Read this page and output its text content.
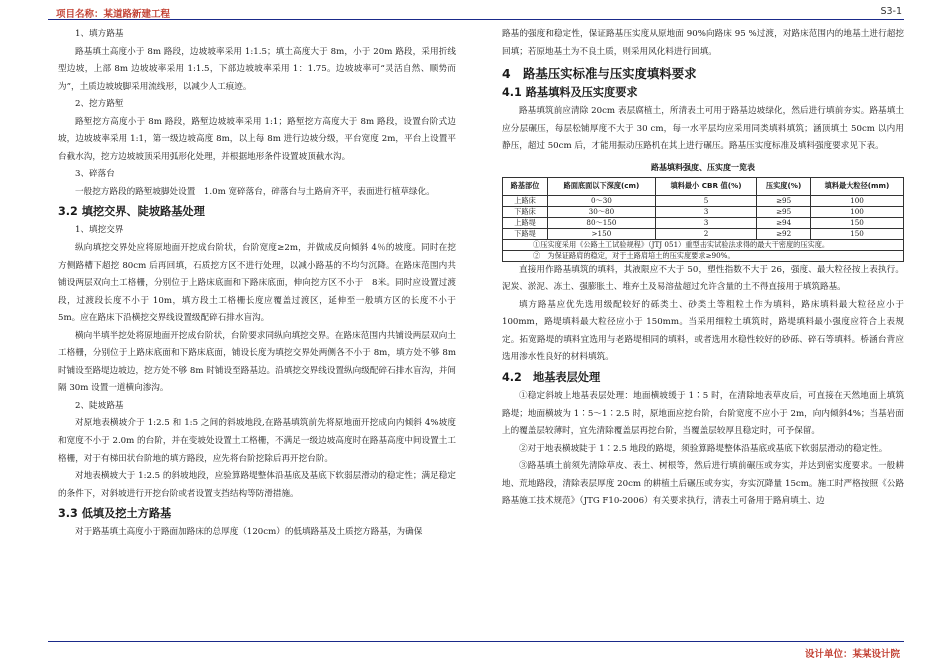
项目名称：某道路新建工程	S3-1

1、填方路基

路基填土高度小于 8m 路段，边坡坡率采用 1:1.5；填土高度大于 8m，小于 20m 路段，采用折线型边坡，上部 8m 边坡坡率采用 1:1.5，下部边坡坡率采用 1：1.75。边坡坡率可“灵活自然、顺势而为”，土质边坡坡脚采用流线形，以减少人工痕迹。

2、挖方路堑

路堑挖方高度小于 8m 路段，路堑边坡坡率采用 1:1；路堑挖方高度大于 8m 路段，设置台阶式边坡，边坡坡率采用 1:1，第一级边坡高度 8m，以上每 8m 进行边坡分级，平台宽度 2m，平台上设置平台截水沟，挖方边坡坡顶采用弧形化处理，并根据地形条件设置坡顶截水沟。

3、碎落台

一般挖方路段的路堑坡脚处设置　1.0m 宽碎落台，碎落台与土路肩齐平，表面进行植草绿化。

3.2 填挖交界、陡坡路基处理

1、填挖交界

纵向填挖交界处应将原地面开挖成台阶状，台阶宽度≥2m，并做成反向倾斜 4％的坡度。同时在挖方侧路槽下超挖 80cm 后再回填，石质挖方区不进行处理，以减小路基的不均匀沉降。在路床范围内共铺设两层双向土工格栅，分别位于上路床底面和下路床底面，伸向挖方区不小于　8米。同时应设置过渡段，过渡段长度不小于 10m，填方段土工格栅长度应覆盖过渡区，延伸至一般填方区的长度不小于 5m。应在路床下沿横挖交界线设置级配碎石排水盲沟。

横向半填半挖处将原地面开挖成台阶状，台阶要求同纵向填挖交界。在路床范围内共铺设两层双向土工格栅，分别位于上路床底面和下路床底面，铺设长度为填挖交界处两侧各不小于 8m，填方处不够 8m 时铺设至路堤边坡边，挖方处不够 8m 时铺设至路基边。沿填挖交界线设置纵向级配碎石排水盲沟，并间隔 30m 设置一道横向渗沟。

2、陡坡路基

对原地表横坡介于 1:2.5 和 1:5 之间的斜坡地段,在路基填筑前先将原地面开挖成向内倾斜 4%坡度和宽度不小于 2.0m 的台阶，并在变坡处设置土工格栅，不满足一级边坡高度时在路基高度中间设置土工格栅，对于有梯田状台阶地的填方路段，应先将台阶挖除后再开挖台阶。

对地表横坡大于 1:2.5 的斜坡地段，应验算路堤整体沿基底及基底下软弱层滑动的稳定性；满足稳定的条件下，对斜坡进行开挖台阶或者设置支挡结构等防滑措施。

3.3 低填及挖土方路基

对于路基填土高度小于路面加路床的总厚度（120cm）的低填路基及土质挖方路基，为确保

路基的强度和稳定性，保证路基压实度从原地面 90%向路床 95 %过渡，对路床范围内的地基土进行超挖回填；若原地基土为不良土质，则采用风化料进行回填。

4　路基压实标准与压实度填料要求
4.1 路基填料及压实度要求

路基填筑前应清除 20cm 表层腐植土，所清表土可用于路基边坡绿化，然后进行填前夯实。路基填土应分层碾压，每层松铺厚度不大于 30 cm，每一水平层均应采用同类填料填筑；涵顶填土 50cm 以内用静压，超过 50cm 后，才能用振动压路机在其上进行碾压。路基压实度标准及填料强度要求见下表。

路基填料强度、压实度一览表
路基部位	路面底面以下深度(cm)	填料最小 CBR 值(%)	压实度(%)	填料最大粒径(mm)
上路床	0～30	5	≥95	100
下路床	30～80	3	≥95	100
上路堤	80～150	3	≥94	150
下路堤	>150	2	≥92	150
①压实度采用《公路土工试验规程》（JTJ 051）重型击实试验法求得的最大干密度的压实度。				
②　为保证路肩的稳定，对于土路肩培土的压实度要求≥90%。				

直接用作路基填筑的填料，其液限应不大于 50，塑性指数不大于 26，强度、最大粒径按上表执行。泥炭、淤泥、冻土、强膨胀土、堆弃土及易溶盐超过允许含量的土不得直接用于填筑路基。

填方路基应优先选用级配较好的砾类土、砂类土等粗粒土作为填料，路床填料最大粒径应小于 100mm，路堤填料最大粒径应小于 150mm。当采用细粒土填筑时，路堤填料最小强度应符合上表规定。拓宽路堤的填料宜选用与老路堤相同的填料，或者选用水稳性较好的砂砾、碎石等填料。桥涵台背应选用渗水性良好的材料填筑。

4.2　地基表层处理

①稳定斜坡上地基表层处理：地面横坡缓于 1∶5 时，在清除地表草皮后，可直接在天然地面上填筑路堤；地面横坡为 1∶5～1∶2.5 时，原地面应挖台阶，台阶宽度不应小于 2m，向内倾斜4%；当基岩面上的覆盖层较薄时，宜先清除覆盖层再挖台阶，当覆盖层较厚且稳定时，可予保留。

②对于地表横坡陡于 1∶2.5 地段的路堤，须验算路堤整体沿基底或基底下软弱层滑动的稳定性。

③路基填土前须先清除草皮、表土、树根等，然后进行填前碾压或夯实，并达到密实度要求。一般耕地、荒地路段，清除表层厚度 20cm 的耕植土后碾压或夯实，夯实沉降量 15cm。施工时严格按照《公路路基施工技术规范》（JTG F10-2006）有关要求执行，清表土可备用于路肩填土、边

设计单位：某某设计院
